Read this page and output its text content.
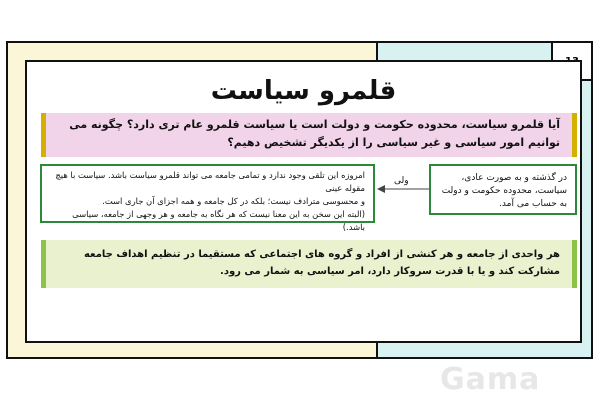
قلمرو سیاست
آیا قلمرو سیاست، محدوده حکومت و دولت است یا سیاست قلمرو عام تری دارد؟ چگونه می توانیم امور سیاسی و غیر سیاسی را از یکدیگر تشخیص دهیم؟
در گذشته و به صورت عادی، سیاست، محدوده حکومت و دولت به حساب می آمد.
ولی
امروزه این تلقی وجود ندارد و تمامی جامعه می تواند قلمرو سیاست باشد. سیاست با هیچ مقوله عینی
و محسوسی مترادف نیست؛ بلکه در کل جامعه و همه اجزای آن جاری است.
(البته این سخن به این معنا نیست که هر نگاه به جامعه و هر وجهی از جامعه، سیاسی باشد.)
هر واحدی از جامعه و هر کنشی از افراد و گروه های اجتماعی که مستقیما در تنظیم اهداف جامعه مشارکت کند و یا با قدرت سروکار دارد، امر سیاسی به شمار می رود.
Gama
